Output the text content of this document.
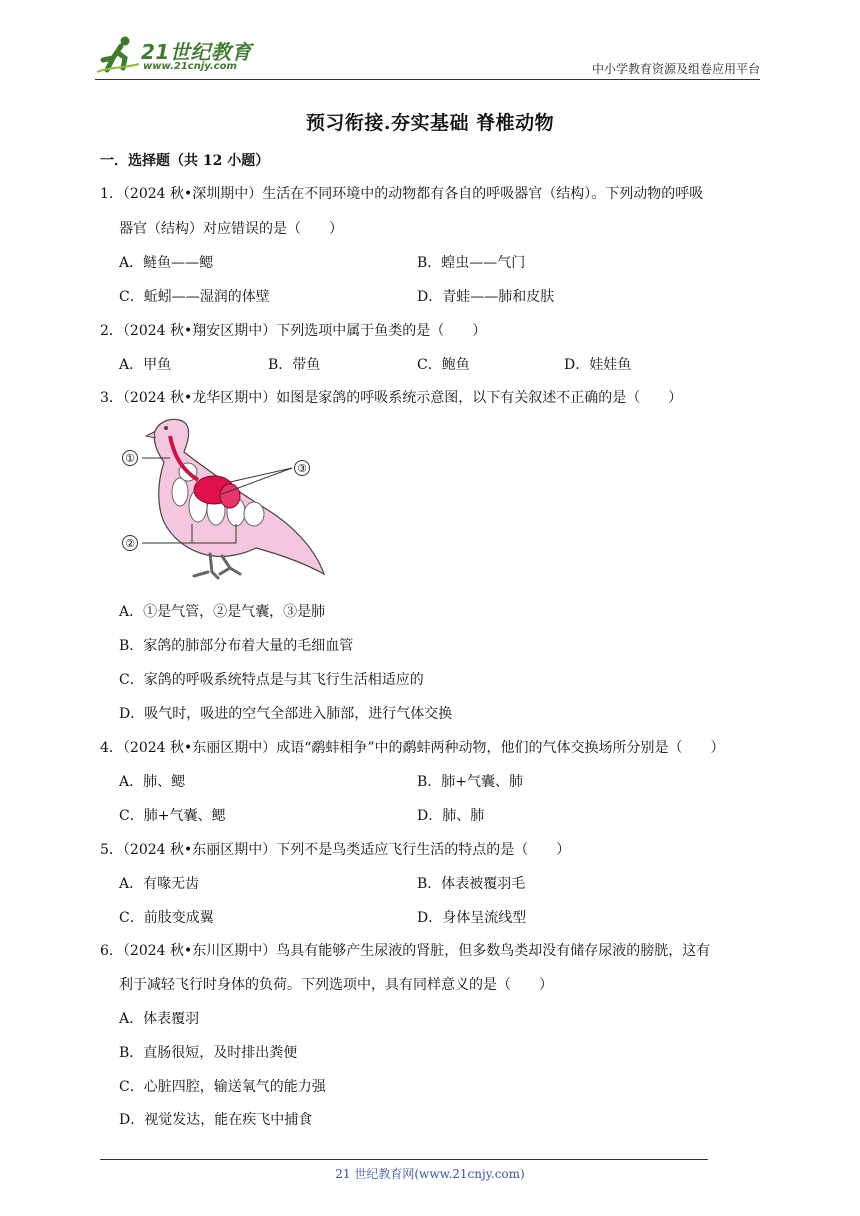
21世纪教育
www.21cnjy.com	中小学教育资源及组卷应用平台
预习衔接.夯实基础 脊椎动物
一．选择题（共 12 小题）
1．（2024 秋•深圳期中）生活在不同环境中的动物都有各自的呼吸器官（结构）。下列动物的呼吸
器官（结构）对应错误的是（　　）
A．鲢鱼——鳃	B．蝗虫——气门
C．蚯蚓——湿润的体壁	D．青蛙——肺和皮肤
2．（2024 秋•翔安区期中）下列选项中属于鱼类的是（　　）
A．甲鱼	B．带鱼	C．鲍鱼	D．娃娃鱼
3．（2024 秋•龙华区期中）如图是家鸽的呼吸系统示意图，以下有关叙述不正确的是（　　）
①
②
③
A．①是气管，②是气囊，③是肺
B．家鸽的肺部分布着大量的毛细血管
C．家鸽的呼吸系统特点是与其飞行生活相适应的
D．吸气时，吸进的空气全部进入肺部，进行气体交换
4．（2024 秋•东丽区期中）成语“鹬蚌相争”中的鹬蚌两种动物，他们的气体交换场所分别是（　　）
A．肺、鳃	B．肺+气囊、肺
C．肺+气囊、鳃	D．肺、肺
5．（2024 秋•东丽区期中）下列不是鸟类适应飞行生活的特点的是（　　）
A．有喙无齿	B．体表被覆羽毛
C．前肢变成翼	D．身体呈流线型
6．（2024 秋•东川区期中）鸟具有能够产生尿液的肾脏，但多数鸟类却没有储存尿液的膀胱，这有
利于减轻飞行时身体的负荷。下列选项中，具有同样意义的是（　　）
A．体表覆羽
B．直肠很短，及时排出粪便
C．心脏四腔，输送氧气的能力强
D．视觉发达，能在疾飞中捕食
21 世纪教育网(www.21cnjy.com)
